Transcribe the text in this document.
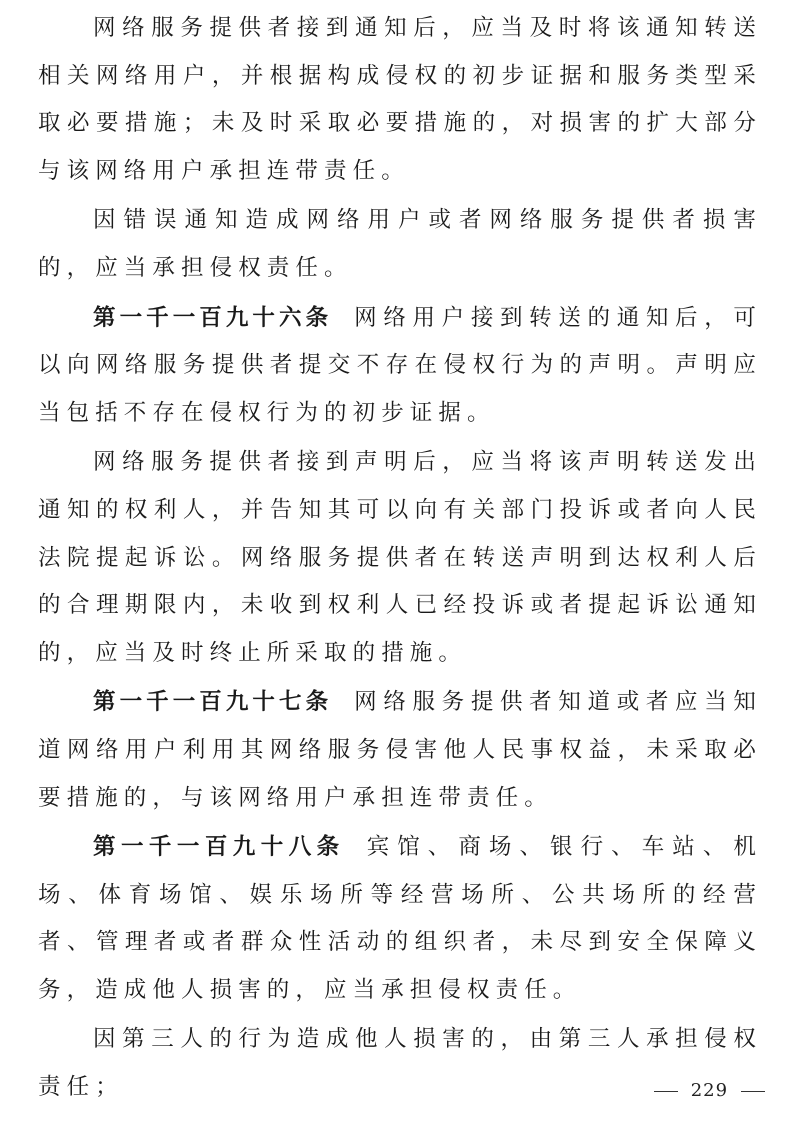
网络服务提供者接到通知后，应当及时将该通知转送相关网络用户，并根据构成侵权的初步证据和服务类型采取必要措施；未及时采取必要措施的，对损害的扩大部分与该网络用户承担连带责任。

因错误通知造成网络用户或者网络服务提供者损害的，应当承担侵权责任。

第一千一百九十六条 网络用户接到转送的通知后，可以向网络服务提供者提交不存在侵权行为的声明。声明应当包括不存在侵权行为的初步证据。

网络服务提供者接到声明后，应当将该声明转送发出通知的权利人，并告知其可以向有关部门投诉或者向人民法院提起诉讼。网络服务提供者在转送声明到达权利人后的合理期限内，未收到权利人已经投诉或者提起诉讼通知的，应当及时终止所采取的措施。

第一千一百九十七条 网络服务提供者知道或者应当知道网络用户利用其网络服务侵害他人民事权益，未采取必要措施的，与该网络用户承担连带责任。

第一千一百九十八条 宾馆、商场、银行、车站、机场、体育场馆、娱乐场所等经营场所、公共场所的经营者、管理者或者群众性活动的组织者，未尽到安全保障义务，造成他人损害的，应当承担侵权责任。

因第三人的行为造成他人损害的，由第三人承担侵权责任；	229
